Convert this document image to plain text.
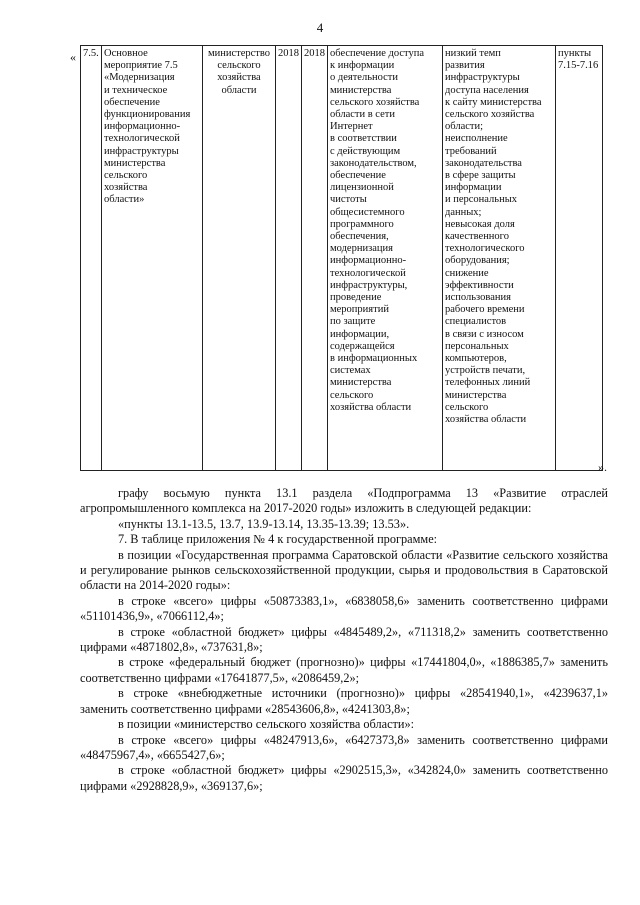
4
« 7.5.	Основное
мероприятие 7.5
«Модернизация
и техническое
обеспечение
функционирования
информационно-
технологической
инфраструктуры
министерства
сельского
хозяйства
области»	министерство
сельского
хозяйства
области	2018	2018	обеспечение доступа
к информации
о деятельности
министерства
сельского хозяйства
области в сети
Интернет
в соответствии
с действующим
законодательством,
обеспечение
лицензионной
чистоты
общесистемного
программного
обеспечения,
модернизация
информационно-
технологической
инфраструктуры,
проведение
мероприятий
по защите
информации,
содержащейся
в информационных
системах
министерства
сельского
хозяйства области	низкий темп
развития
инфраструктуры
доступа населения
к сайту министерства
сельского хозяйства
области;
неисполнение
требований
законодательства
в сфере защиты
информации
и персональных
данных;
невысокая доля
качественного
технологического
оборудования;
снижение
эффективности
использования
рабочего времени
специалистов
в связи с износом
персональных
компьютеров,
устройств печати,
телефонных линий
министерства
сельского
хозяйства области	пункты
7.15-7.16
».

графу восьмую пункта 13.1 раздела «Подпрограмма 13 «Развитие отраслей агропромышленного комплекса на 2017-2020 годы» изложить в следующей редакции:

«пункты 13.1-13.5, 13.7, 13.9-13.14, 13.35-13.39; 13.53».

7. В таблице приложения № 4 к государственной программе:

в позиции «Государственная программа Саратовской области «Развитие сельского хозяйства и регулирование рынков сельскохозяйственной продукции, сырья и продовольствия в Саратовской области на 2014-2020 годы»:

в строке «всего» цифры «50873383,1», «6838058,6» заменить соответственно цифрами «51101436,9», «7066112,4»;

в строке «областной бюджет» цифры «4845489,2», «711318,2» заменить соответственно цифрами «4871802,8», «737631,8»;

в строке «федеральный бюджет (прогнозно)» цифры «17441804,0», «1886385,7» заменить соответственно цифрами «17641877,5», «2086459,2»;

в строке «внебюджетные источники (прогнозно)» цифры «28541940,1», «4239637,1» заменить соответственно цифрами «28543606,8», «4241303,8»;

в позиции «министерство сельского хозяйства области»:

в строке «всего» цифры «48247913,6», «6427373,8» заменить соответственно цифрами «48475967,4», «6655427,6»;

в строке «областной бюджет» цифры «2902515,3», «342824,0» заменить соответственно цифрами «2928828,9», «369137,6»;
